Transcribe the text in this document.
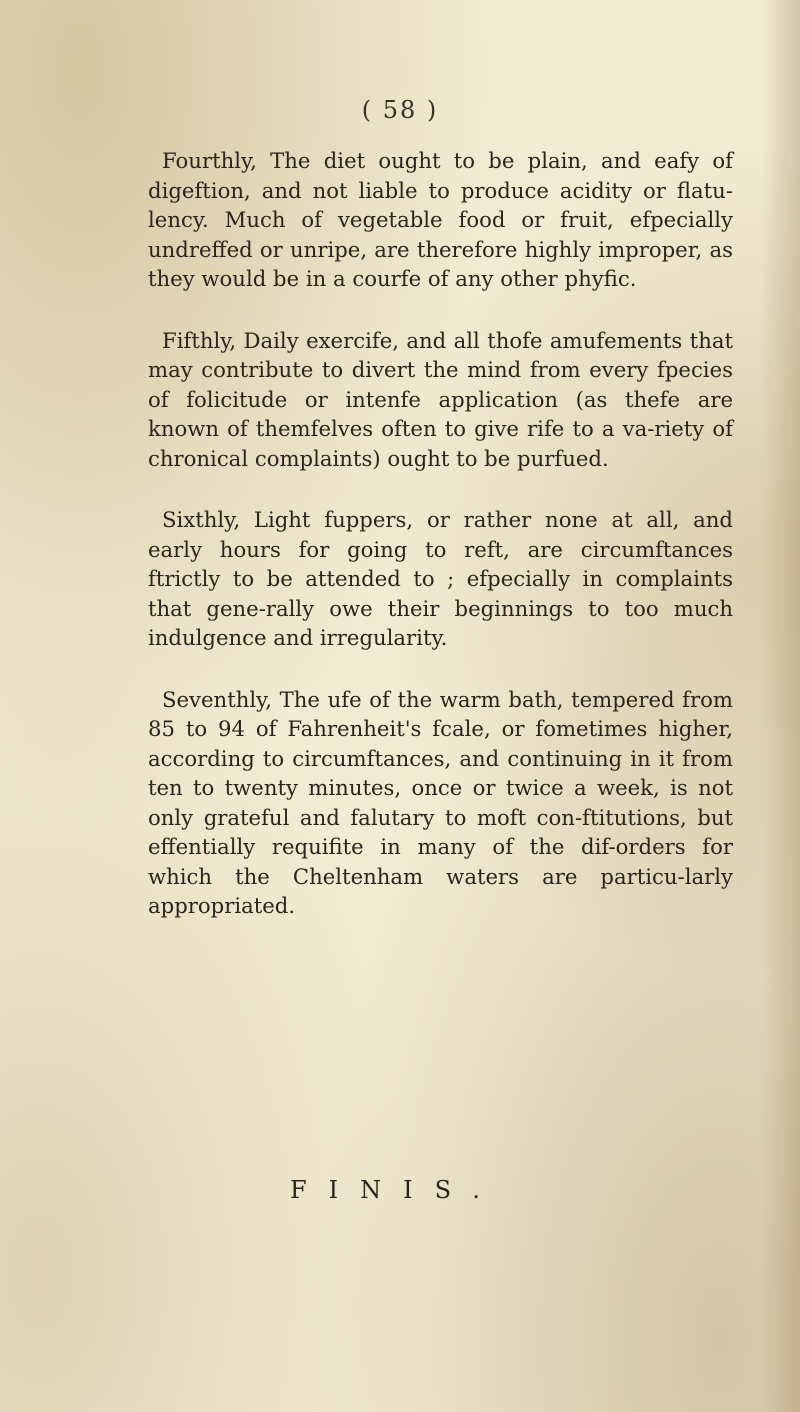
( 58 )

Fourthly, The diet ought to be plain, and eafy of digeftion, and not liable to produce acidity or flatu-lency. Much of vegetable food or fruit, efpecially undreffed or unripe, are therefore highly improper, as they would be in a courfe of any other phyfic.

Fifthly, Daily exercife, and all thofe amufements that may contribute to divert the mind from every fpecies of folicitude or intenfe application (as thefe are known of themfelves often to give rife to a va-riety of chronical complaints) ought to be purfued.

Sixthly, Light fuppers, or rather none at all, and early hours for going to reft, are circumftances ftrictly to be attended to ; efpecially in complaints that gene-rally owe their beginnings to too much indulgence and irregularity.

Seventhly, The ufe of the warm bath, tempered from 85 to 94 of Fahrenheit's fcale, or fometimes higher, according to circumftances, and continuing in it from ten to twenty minutes, once or twice a week, is not only grateful and falutary to moft con-ftitutions, but effentially requifite in many of the dif-orders for which the Cheltenham waters are particu-larly appropriated.

FINIS.
